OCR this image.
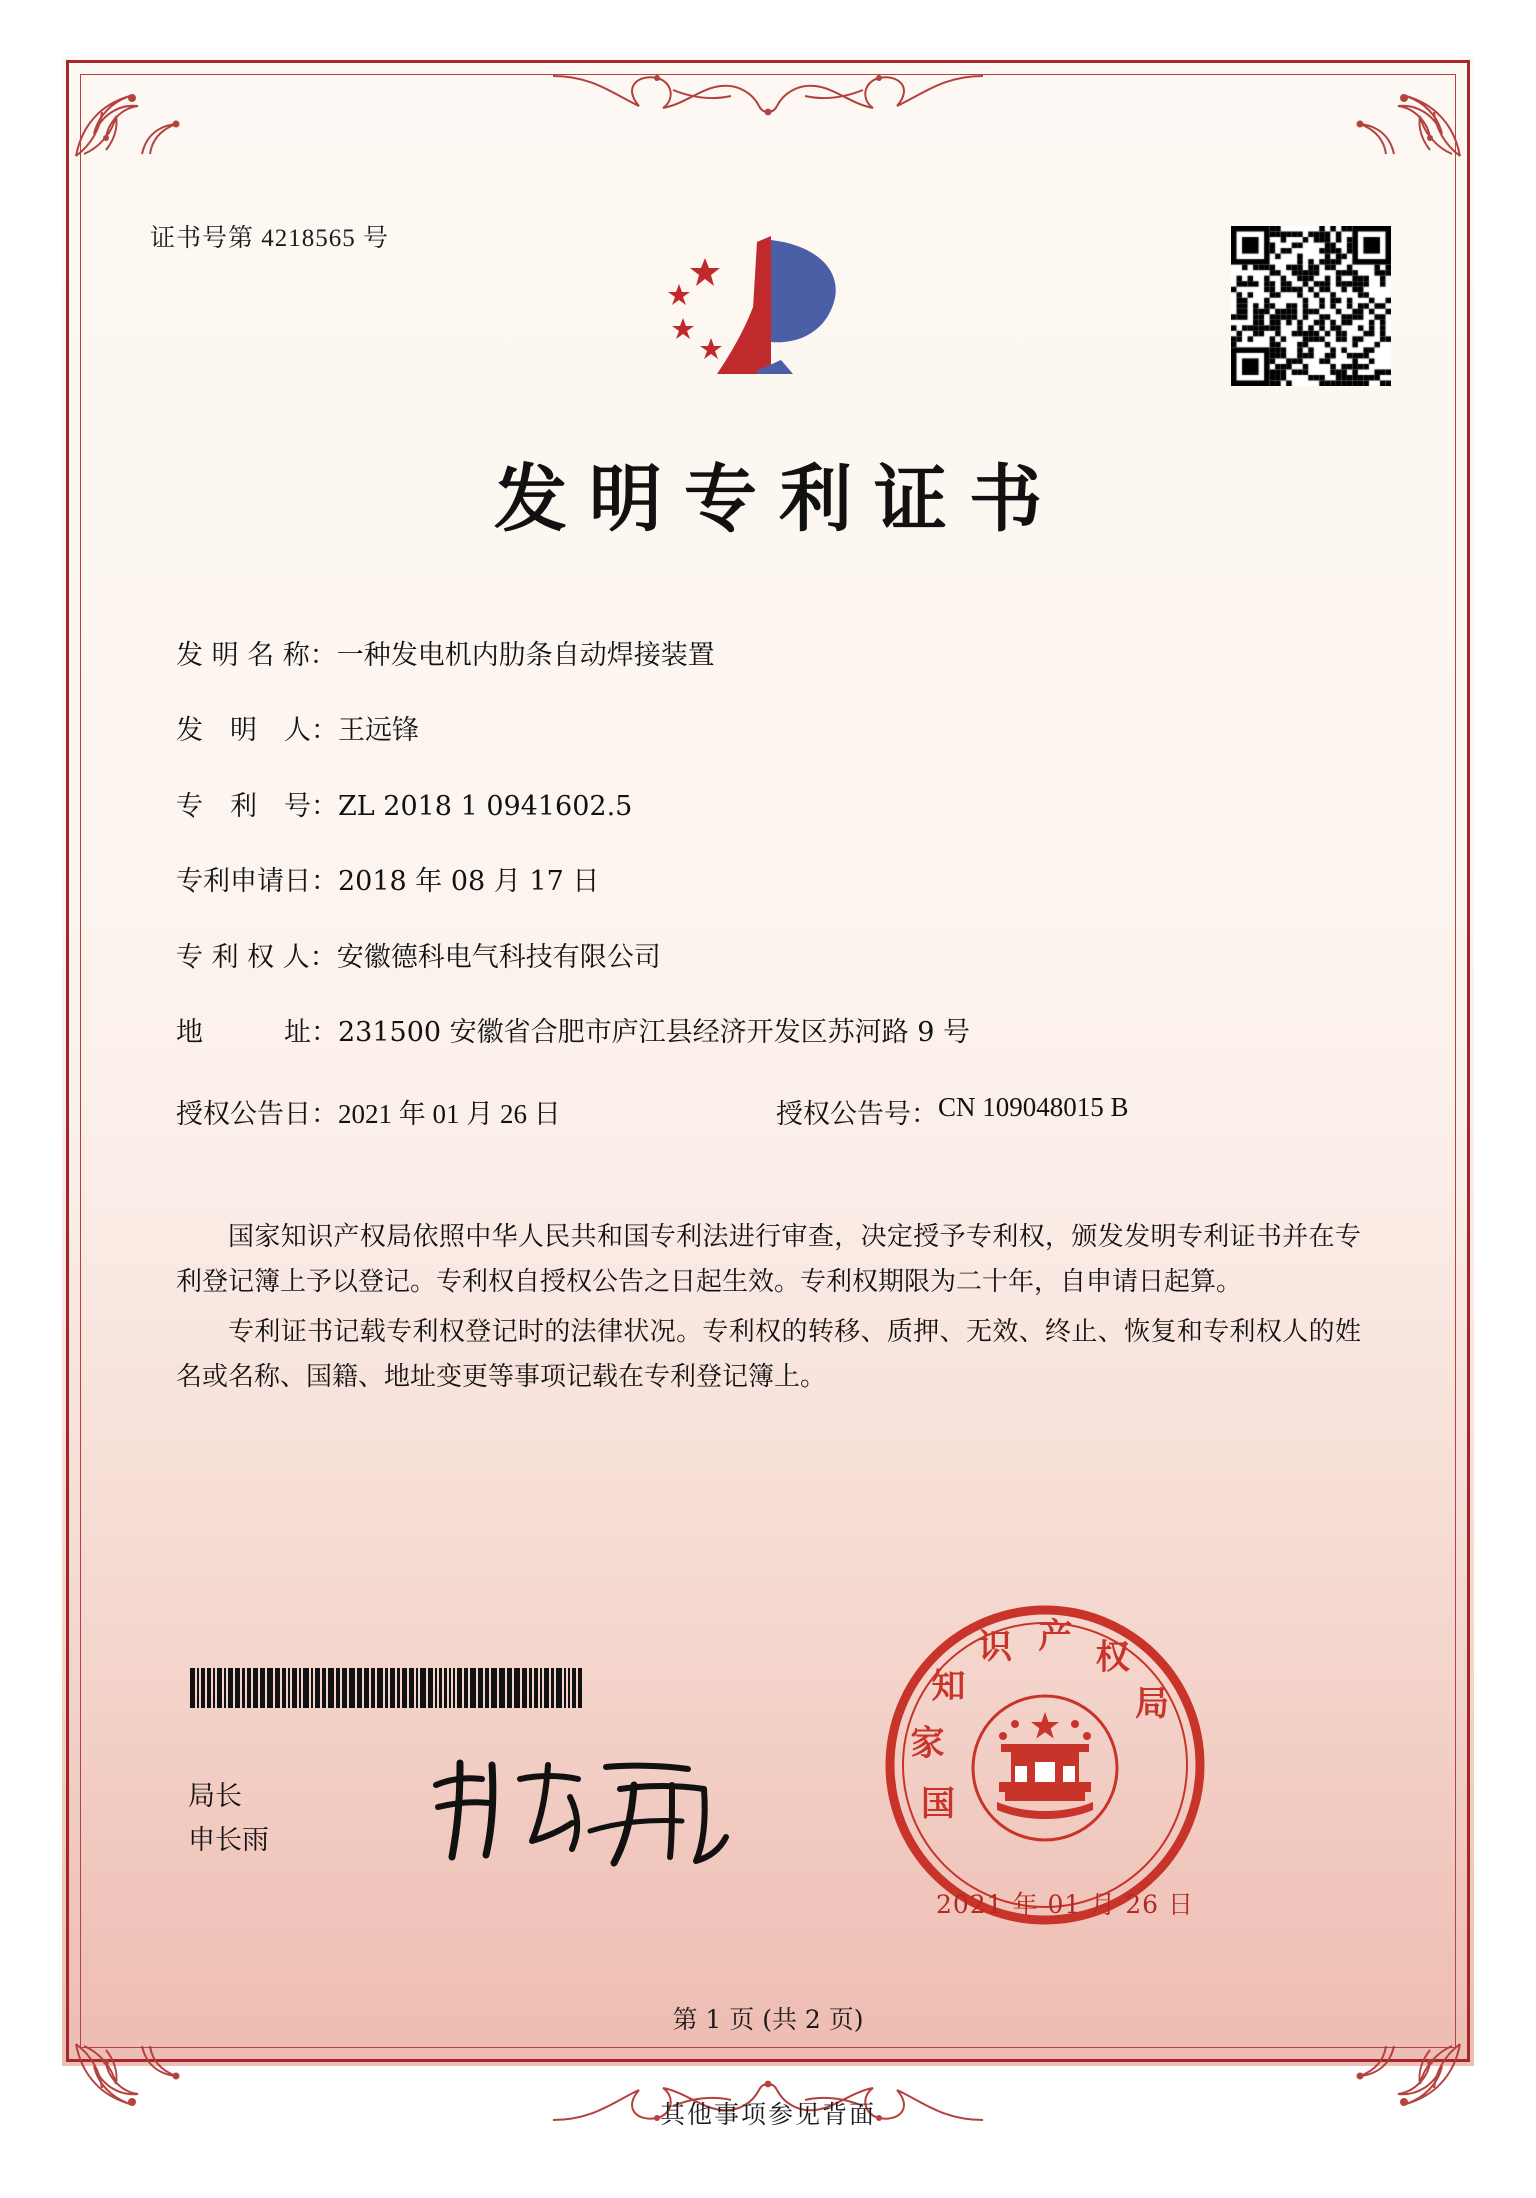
证书号第 4218565 号
发明专利证书
发 明 名 称： 一种发电机内肋条自动焊接装置
发　明　人： 王远锋
专　利　号： ZL 2018 1 0941602.5
专利申请日： 2018 年 08 月 17 日
专 利 权 人： 安徽德科电气科技有限公司
地　　　址： 231500 安徽省合肥市庐江县经济开发区苏河路 9 号
授权公告日： 2021 年 01 月 26 日	授权公告号： CN 109048015 B

国家知识产权局依照中华人民共和国专利法进行审查，决定授予专利权，颁发发明专利证书并在专利登记簿上予以登记。专利权自授权公告之日起生效。专利权期限为二十年，自申请日起算。

专利证书记载专利权登记时的法律状况。专利权的转移、质押、无效、终止、恢复和专利权人的姓名或名称、国籍、地址变更等事项记载在专利登记簿上。

局长
申长雨
国
家
知
识 产
权
局
2021 年 01 月 26 日
第 1 页 (共 2 页)
其他事项参见背面
